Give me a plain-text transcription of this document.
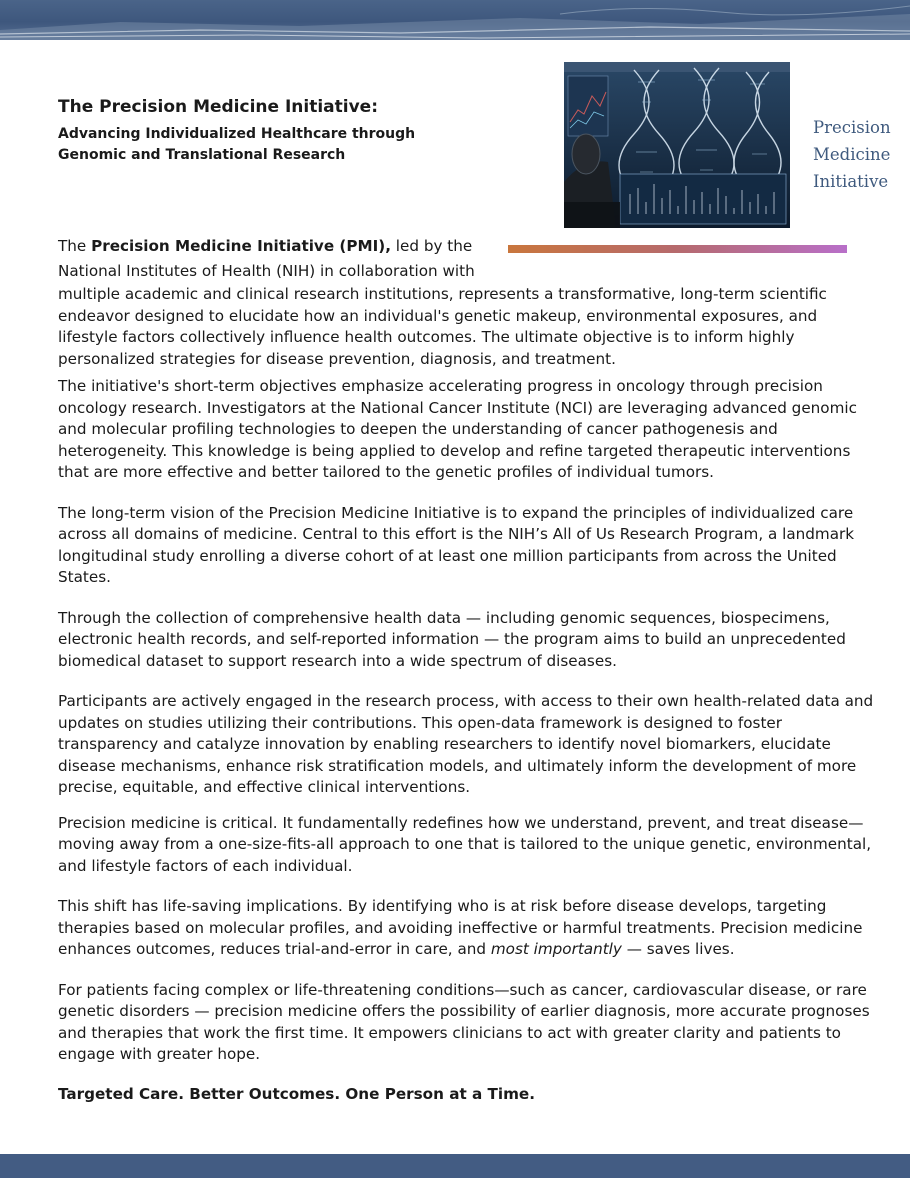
The Precision Medicine Initiative:

Advancing Individualized Healthcare through

Genomic and Translational Research

Precision
Medicine
Initiative

The Precision Medicine Initiative (PMI), led by the National Institutes of Health (NIH) in collaboration with
multiple academic and clinical research institutions, represents a transformative, long-term scientific endeavor designed to elucidate how an individual's genetic makeup, environmental exposures, and lifestyle factors collectively influence health outcomes. The ultimate objective is to inform highly personalized strategies for disease prevention, diagnosis, and treatment.

The initiative's short-term objectives emphasize accelerating progress in oncology through precision oncology research. Investigators at the National Cancer Institute (NCI) are leveraging advanced genomic and molecular profiling technologies to deepen the understanding of cancer pathogenesis and heterogeneity. This knowledge is being applied to develop and refine targeted therapeutic interventions that are more effective and better tailored to the genetic profiles of individual tumors.

The long-term vision of the Precision Medicine Initiative is to expand the principles of individualized care across all domains of medicine. Central to this effort is the NIH’s All of Us Research Program, a landmark longitudinal study enrolling a diverse cohort of at least one million participants from across the United States.

Through the collection of comprehensive health data — including genomic sequences, biospecimens, electronic health records, and self-reported information — the program aims to build an unprecedented biomedical dataset to support research into a wide spectrum of diseases.

Participants are actively engaged in the research process, with access to their own health-related data and updates on studies utilizing their contributions. This open-data framework is designed to foster transparency and catalyze innovation by enabling researchers to identify novel biomarkers, elucidate disease mechanisms, enhance risk stratification models, and ultimately inform the development of more precise, equitable, and effective clinical interventions.

Precision medicine is critical. It fundamentally redefines how we understand, prevent, and treat disease—moving away from a one-size-fits-all approach to one that is tailored to the unique genetic, environmental, and lifestyle factors of each individual.

This shift has life-saving implications. By identifying who is at risk before disease develops, targeting therapies based on molecular profiles, and avoiding ineffective or harmful treatments. Precision medicine enhances outcomes, reduces trial-and-error in care, and most importantly — saves lives.

For patients facing complex or life-threatening conditions—such as cancer, cardiovascular disease, or rare genetic disorders — precision medicine offers the possibility of earlier diagnosis, more accurate prognoses and therapies that work the first time. It empowers clinicians to act with greater clarity and patients to engage with greater hope.

Targeted Care. Better Outcomes. One Person at a Time.
